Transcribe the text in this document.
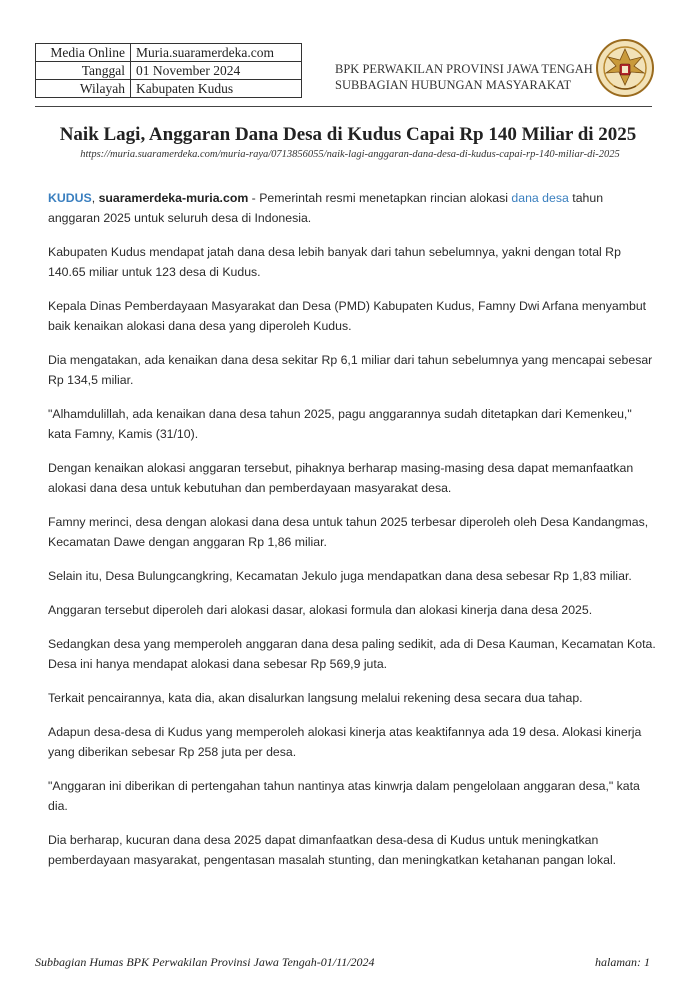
Media Online	Muria.suaramerdeka.com
Tanggal	01 November 2024
Wilayah	Kabupaten Kudus
BPK PERWAKILAN PROVINSI JAWA TENGAH
SUBBAGIAN HUBUNGAN MASYARAKAT
Naik Lagi, Anggaran Dana Desa di Kudus Capai Rp 140 Miliar di 2025
https://muria.suaramerdeka.com/muria-raya/0713856055/naik-lagi-anggaran-dana-desa-di-kudus-capai-rp-140-miliar-di-2025

KUDUS, suaramerdeka-muria.com - Pemerintah resmi menetapkan rincian alokasi dana desa tahun anggaran 2025 untuk seluruh desa di Indonesia.

Kabupaten Kudus mendapat jatah dana desa lebih banyak dari tahun sebelumnya, yakni dengan total Rp 140.65 miliar untuk 123 desa di Kudus.

Kepala Dinas Pemberdayaan Masyarakat dan Desa (PMD) Kabupaten Kudus, Famny Dwi Arfana menyambut baik kenaikan alokasi dana desa yang diperoleh Kudus.

Dia mengatakan, ada kenaikan dana desa sekitar Rp 6,1 miliar dari tahun sebelumnya yang mencapai sebesar Rp 134,5 miliar.

"Alhamdulillah, ada kenaikan dana desa tahun 2025, pagu anggarannya sudah ditetapkan dari Kemenkeu," kata Famny, Kamis (31/10).

Dengan kenaikan alokasi anggaran tersebut, pihaknya berharap masing-masing desa dapat memanfaatkan alokasi dana desa untuk kebutuhan dan pemberdayaan masyarakat desa.

Famny merinci, desa dengan alokasi dana desa untuk tahun 2025 terbesar diperoleh oleh Desa Kandangmas, Kecamatan Dawe dengan anggaran Rp 1,86 miliar.

Selain itu, Desa Bulungcangkring, Kecamatan Jekulo juga mendapatkan dana desa sebesar Rp 1,83 miliar.

Anggaran tersebut diperoleh dari alokasi dasar, alokasi formula dan alokasi kinerja dana desa 2025.

Sedangkan desa yang memperoleh anggaran dana desa paling sedikit, ada di Desa Kauman, Kecamatan Kota. Desa ini hanya mendapat alokasi dana sebesar Rp 569,9 juta.

Terkait pencairannya, kata dia, akan disalurkan langsung melalui rekening desa secara dua tahap.

Adapun desa-desa di Kudus yang memperoleh alokasi kinerja atas keaktifannya ada 19 desa. Alokasi kinerja yang diberikan sebesar Rp 258 juta per desa.

"Anggaran ini diberikan di pertengahan tahun nantinya atas kinwrja dalam pengelolaan anggaran desa," kata dia.

Dia berharap, kucuran dana desa 2025 dapat dimanfaatkan desa-desa di Kudus untuk meningkatkan pemberdayaan masyarakat, pengentasan masalah stunting, dan meningkatkan ketahanan pangan lokal.

Subbagian Humas BPK Perwakilan Provinsi Jawa Tengah-01/11/2024	halaman: 1
